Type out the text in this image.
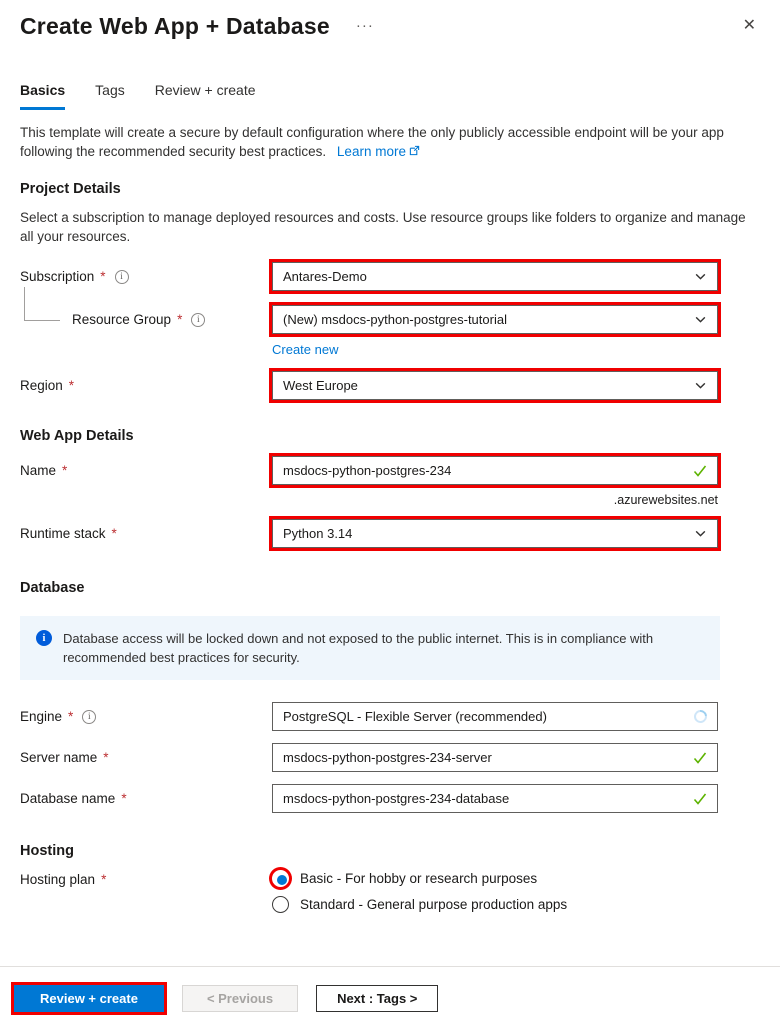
Create Web App + Database ···	✕
Basics Tags Review + create
This template will create a secure by default configuration where the only publicly accessible endpoint will be your app following the recommended security best practices. Learn more
Project Details
Select a subscription to manage deployed resources and costs. Use resource groups like folders to organize and manage all your resources.
Subscription * i	Antares-Demo
Resource Group * i	(New) msdocs-python-postgres-tutorial
Create new
Region *	West Europe
Web App Details
Name *
msdocs-python-postgres-234
.azurewebsites.net
Runtime stack *	Python 3.14
Database
i
Database access will be locked down and not exposed to the public internet. This is in compliance with recommended best practices for security.
Engine * i	PostgreSQL - Flexible Server (recommended)
Server name *
msdocs-python-postgres-234-server
Database name *
msdocs-python-postgres-234-database
Hosting
Hosting plan *	Basic - For hobby or research purposes
Standard - General purpose production apps
Review + create	< Previous	Next : Tags >
